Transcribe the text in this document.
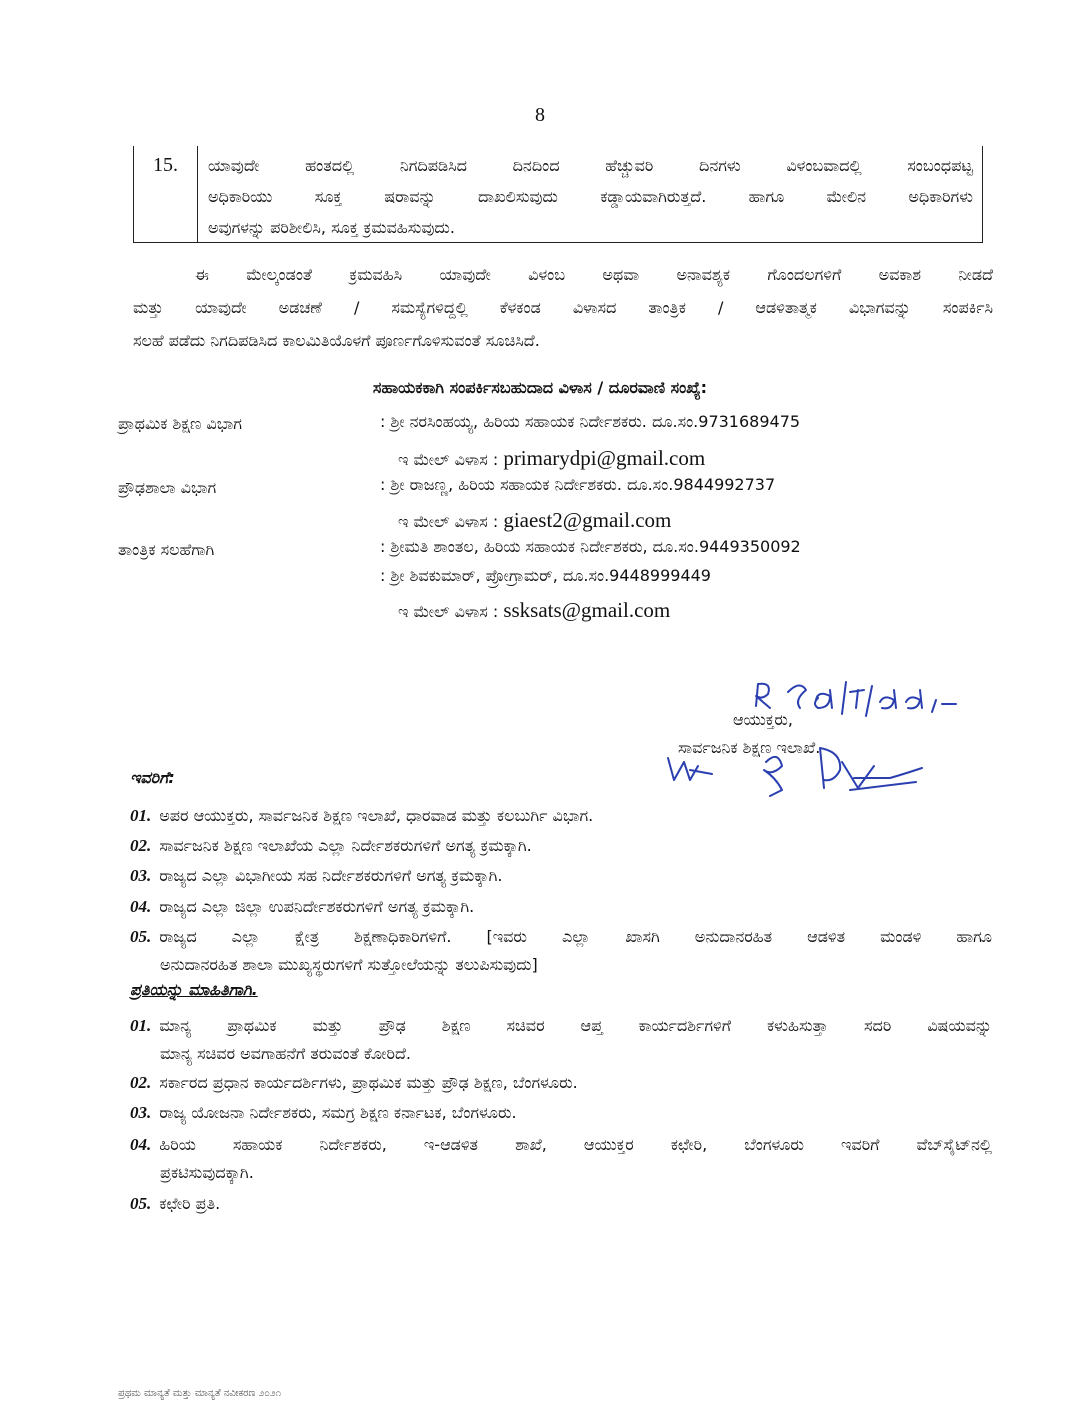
8
15.	ಯಾವುದೇ ಹಂತದಲ್ಲಿ ನಿಗದಿಪಡಿಸಿದ ದಿನದಿಂದ ಹೆಚ್ಚುವರಿ ದಿನಗಳು ವಿಳಂಬವಾದಲ್ಲಿ ಸಂಬಂಧಪಟ್ಟ
ಅಧಿಕಾರಿಯು ಸೂಕ್ತ ಷರಾವನ್ನು ದಾಖಲಿಸುವುದು ಕಡ್ಡಾಯವಾಗಿರುತ್ತದೆ. ಹಾಗೂ ಮೇಲಿನ ಅಧಿಕಾರಿಗಳು
ಅವುಗಳನ್ನು ಪರಿಶೀಲಿಸಿ, ಸೂಕ್ತ ಕ್ರಮವಹಿಸುವುದು.
ಈ ಮೇಲ್ಕಂಡಂತೆ ಕ್ರಮವಹಿಸಿ ಯಾವುದೇ ವಿಳಂಬ ಅಥವಾ ಅನಾವಶ್ಯಕ ಗೊಂದಲಗಳಿಗೆ ಅವಕಾಶ ನೀಡದೆ
ಮತ್ತು ಯಾವುದೇ ಅಡಚಣೆ / ಸಮಸ್ಯೆಗಳಿದ್ದಲ್ಲಿ ಕೆಳಕಂಡ ವಿಳಾಸದ ತಾಂತ್ರಿಕ / ಆಡಳಿತಾತ್ಮಕ ವಿಭಾಗವನ್ನು ಸಂಪರ್ಕಿಸಿ
ಸಲಹೆ ಪಡೆದು ನಿಗದಿಪಡಿಸಿದ ಕಾಲಮಿತಿಯೊಳಗೆ ಪೂರ್ಣಗೊಳಿಸುವಂತೆ ಸೂಚಿಸಿದೆ.
ಸಹಾಯಕಕಾಗಿ ಸಂಪರ್ಕಿಸಬಹುದಾದ ವಿಳಾಸ / ದೂರವಾಣಿ ಸಂಖ್ಯೆ:
ಪ್ರಾಥಮಿಕ ಶಿಕ್ಷಣ ವಿಭಾಗ	: ಶ್ರೀ ನರಸಿಂಹಯ್ಯ, ಹಿರಿಯ ಸಹಾಯಕ ನಿರ್ದೇಶಕರು. ದೂ.ಸಂ.9731689475
ಇ ಮೇಲ್ ವಿಳಾಸ : primarydpi@gmail.com
ಪ್ರೌಢಶಾಲಾ ವಿಭಾಗ	: ಶ್ರೀ ರಾಜಣ್ಣ, ಹಿರಿಯ ಸಹಾಯಕ ನಿರ್ದೇಶಕರು. ದೂ.ಸಂ.9844992737
ಇ ಮೇಲ್ ವಿಳಾಸ : giaest2@gmail.com
ತಾಂತ್ರಿಕ ಸಲಹೆಗಾಗಿ	: ಶ್ರೀಮತಿ ಶಾಂತಲ, ಹಿರಿಯ ಸಹಾಯಕ ನಿರ್ದೇಶಕರು, ದೂ.ಸಂ.9449350092
: ಶ್ರೀ ಶಿವಕುಮಾರ್, ಪ್ರೋಗ್ರಾಮರ್, ದೂ.ಸಂ.9448999449
ಇ ಮೇಲ್ ವಿಳಾಸ : ssksats@gmail.com
ಆಯುಕ್ತರು,
ಸಾರ್ವಜನಿಕ ಶಿಕ್ಷಣ ಇಲಾಖೆ.
ಇವರಿಗೆ:
01. ಅಪರ ಆಯುಕ್ತರು, ಸಾರ್ವಜನಿಕ ಶಿಕ್ಷಣ ಇಲಾಖೆ, ಧಾರವಾಡ ಮತ್ತು ಕಲಬುರ್ಗಿ ವಿಭಾಗ.
02. ಸಾರ್ವಜನಿಕ ಶಿಕ್ಷಣ ಇಲಾಖೆಯ ಎಲ್ಲಾ ನಿರ್ದೇಶಕರುಗಳಿಗೆ ಅಗತ್ಯ ಕ್ರಮಕ್ಕಾಗಿ.
03. ರಾಜ್ಯದ ಎಲ್ಲಾ ವಿಭಾಗೀಯ ಸಹ ನಿರ್ದೇಶಕರುಗಳಿಗೆ ಅಗತ್ಯ ಕ್ರಮಕ್ಕಾಗಿ.
04. ರಾಜ್ಯದ ಎಲ್ಲಾ ಜಿಲ್ಲಾ ಉಪನಿರ್ದೇಶಕರುಗಳಿಗೆ ಅಗತ್ಯ ಕ್ರಮಕ್ಕಾಗಿ.
05. ರಾಜ್ಯದ ಎಲ್ಲಾ ಕ್ಷೇತ್ರ ಶಿಕ್ಷಣಾಧಿಕಾರಿಗಳಿಗೆ. [ಇವರು ಎಲ್ಲಾ ಖಾಸಗಿ ಅನುದಾನರಹಿತ ಆಡಳಿತ ಮಂಡಳಿ ಹಾಗೂ
ಅನುದಾನರಹಿತ ಶಾಲಾ ಮುಖ್ಯಸ್ಥರುಗಳಿಗೆ ಸುತ್ತೋಲೆಯನ್ನು ತಲುಪಿಸುವುದು]
ಪ್ರತಿಯನ್ನು ಮಾಹಿತಿಗಾಗಿ.
01. ಮಾನ್ಯ ಪ್ರಾಥಮಿಕ ಮತ್ತು ಪ್ರೌಢ ಶಿಕ್ಷಣ ಸಚಿವರ ಆಪ್ತ ಕಾರ್ಯದರ್ಶಿಗಳಿಗೆ ಕಳುಹಿಸುತ್ತಾ ಸದರಿ ವಿಷಯವನ್ನು
ಮಾನ್ಯ ಸಚಿವರ ಅವಗಾಹನೆಗೆ ತರುವಂತೆ ಕೋರಿದೆ.
02. ಸರ್ಕಾರದ ಪ್ರಧಾನ ಕಾರ್ಯದರ್ಶಿಗಳು, ಪ್ರಾಥಮಿಕ ಮತ್ತು ಪ್ರೌಢ ಶಿಕ್ಷಣ, ಬೆಂಗಳೂರು.
03. ರಾಜ್ಯ ಯೋಜನಾ ನಿರ್ದೇಶಕರು, ಸಮಗ್ರ ಶಿಕ್ಷಣ ಕರ್ನಾಟಕ, ಬೆಂಗಳೂರು.
04. ಹಿರಿಯ ಸಹಾಯಕ ನಿರ್ದೇಶಕರು, ಇ-ಆಡಳಿತ ಶಾಖೆ, ಆಯುಕ್ತರ ಕಛೇರಿ, ಬೆಂಗಳೂರು ಇವರಿಗೆ ವೆಬ್‌ಸೈಟ್‌ನಲ್ಲಿ
ಪ್ರಕಟಿಸುವುದಕ್ಕಾಗಿ.
05. ಕಛೇರಿ ಪ್ರತಿ.
ಪ್ರಥಮ ಮಾನ್ಯತೆ ಮತ್ತು ಮಾನ್ಯತೆ ನವೀಕರಣ ೨೦೨೧
